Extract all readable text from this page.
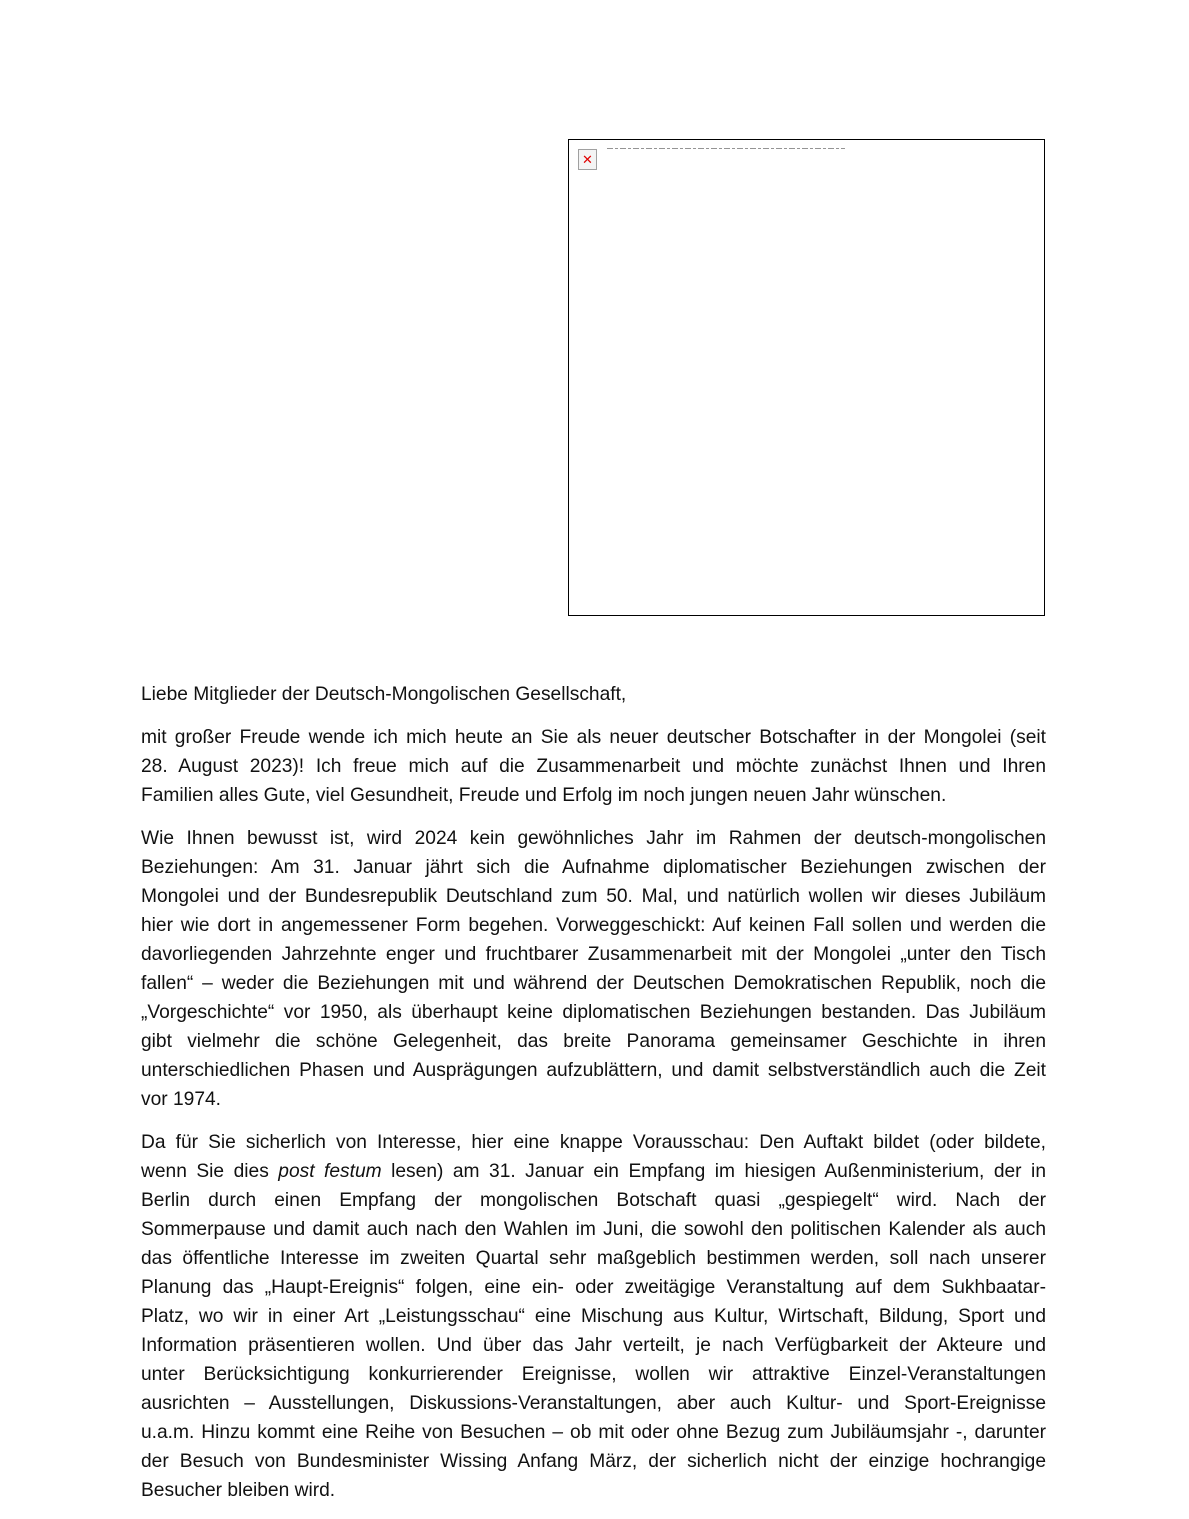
✕
Liebe Mitglieder der Deutsch-Mongolischen Gesellschaft,
mit großer Freude wende ich mich heute an Sie als neuer deutscher Botschafter in der Mongolei (seit
28. August 2023)! Ich freue mich auf die Zusammenarbeit und möchte zunächst Ihnen und Ihren
Familien alles Gute, viel Gesundheit, Freude und Erfolg im noch jungen neuen Jahr wünschen.
Wie Ihnen bewusst ist, wird 2024 kein gewöhnliches Jahr im Rahmen der deutsch-mongolischen
Beziehungen: Am 31. Januar jährt sich die Aufnahme diplomatischer Beziehungen zwischen der
Mongolei und der Bundesrepublik Deutschland zum 50. Mal, und natürlich wollen wir dieses Jubiläum
hier wie dort in angemessener Form begehen. Vorweggeschickt: Auf keinen Fall sollen und werden die
davorliegenden Jahrzehnte enger und fruchtbarer Zusammenarbeit mit der Mongolei „unter den Tisch
fallen“ – weder die Beziehungen mit und während der Deutschen Demokratischen Republik, noch die
„Vorgeschichte“ vor 1950, als überhaupt keine diplomatischen Beziehungen bestanden. Das Jubiläum
gibt vielmehr die schöne Gelegenheit, das breite Panorama gemeinsamer Geschichte in ihren
unterschiedlichen Phasen und Ausprägungen aufzublättern, und damit selbstverständlich auch die Zeit
vor 1974.
Da für Sie sicherlich von Interesse, hier eine knappe Vorausschau: Den Auftakt bildet (oder bildete,
wenn Sie dies post festum lesen) am 31. Januar ein Empfang im hiesigen Außenministerium, der in
Berlin durch einen Empfang der mongolischen Botschaft quasi „gespiegelt“ wird. Nach der
Sommerpause und damit auch nach den Wahlen im Juni, die sowohl den politischen Kalender als auch
das öffentliche Interesse im zweiten Quartal sehr maßgeblich bestimmen werden, soll nach unserer
Planung das „Haupt-Ereignis“ folgen, eine ein- oder zweitägige Veranstaltung auf dem Sukhbaatar-
Platz, wo wir in einer Art „Leistungsschau“ eine Mischung aus Kultur, Wirtschaft, Bildung, Sport und
Information präsentieren wollen. Und über das Jahr verteilt, je nach Verfügbarkeit der Akteure und
unter Berücksichtigung konkurrierender Ereignisse, wollen wir attraktive Einzel-Veranstaltungen
ausrichten – Ausstellungen, Diskussions-Veranstaltungen, aber auch Kultur- und Sport-Ereignisse
u.a.m. Hinzu kommt eine Reihe von Besuchen – ob mit oder ohne Bezug zum Jubiläumsjahr -, darunter
der Besuch von Bundesminister Wissing Anfang März, der sicherlich nicht der einzige hochrangige
Besucher bleiben wird.
